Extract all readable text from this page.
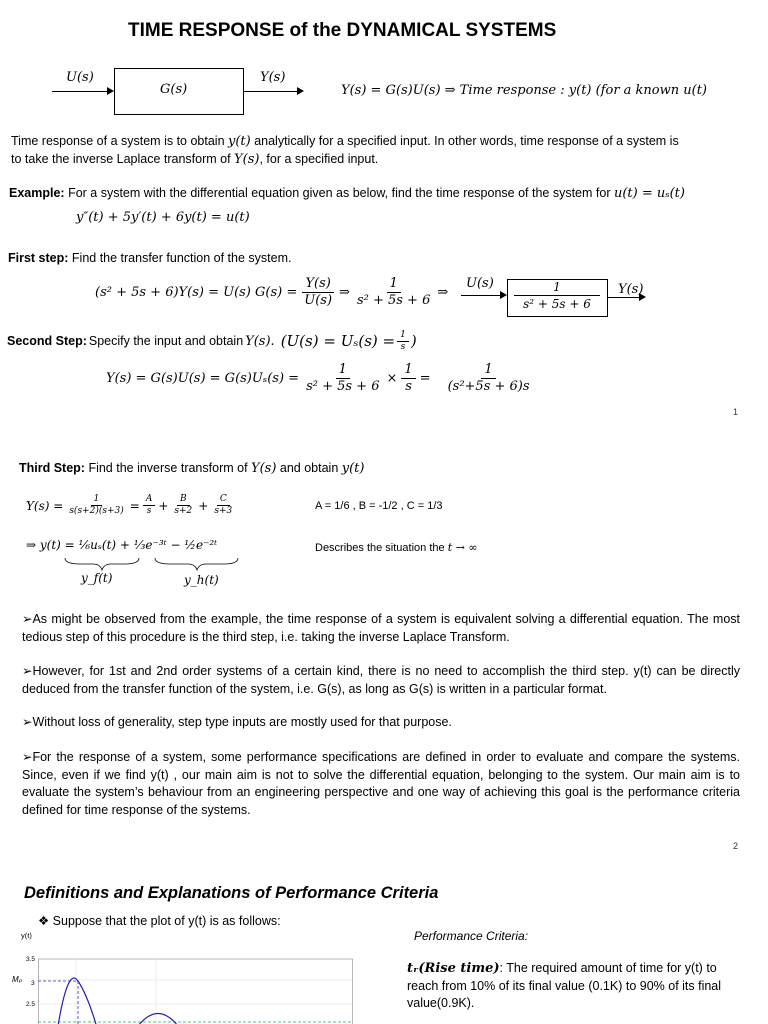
TIME RESPONSE of the DYNAMICAL SYSTEMS
U(s)
G(s)
Y(s)
Y(s) = G(s)U(s) ⇒ Time response : y(t) (for a known u(t)
Time response of a system is to obtain y(t) analytically for a specified input. In other words, time response of a system is
to take the inverse Laplace transform of Y(s), for a specified input.
Example: For a system with the differential equation given as below, find the time response of the system for u(t) = uₛ(t)
y″(t) + 5y′(t) + 6y(t) = u(t)
First step: Find the transfer function of the system.
(s² + 5s + 6)Y(s) = U(s) $G(s) = \frac{Y(s)}{U(s)}$ ⇒ $\frac{1}{\text{s² + 5s + 6}}$ ⇒
$U(s) \frac{1}{\text{s² + 5s + 6}} Y(s)$
Second Step: Specify the input and obtain Y(s). ($U(s) = U_s(s) = \frac{1}{s}$ )
$Y(s) = G(s)U(s) = G(s)U_s(s) = \frac{1}{\text{s² + 5s + 6}} \times \frac{1}{s} = \frac{1}{\text{(s²+5s + 6)s}}$
1
Third Step: Find the inverse transform of Y(s) and obtain y(t)
$Y(s) = \frac{1}{s(s+2)(s+3)} = \frac{A}{s} + \frac{B}{s+2} + \frac{C}{s+3}$	A = 1/6 , B = -1/2 , C = 1/3
⇒ y(t) = ⅙uₛ(t) + ⅓e⁻³ᵗ − ½e⁻²ᵗ
y_f(t)	y_h(t)
Describes the situation the t → ∞
➢As might be observed from the example, the time response of a system is equivalent solving a differential equation. The most tedious step of this procedure is the third step, i.e. taking the inverse Laplace Transform.
➢However, for 1st and 2nd order systems of a certain kind, there is no need to accomplish the third step. y(t) can be directly deduced from the transfer function of the system, i.e. G(s), as long as G(s) is written in a particular format.
➢Without loss of generality, step type inputs are mostly used for that purpose.
➢For the response of a system, some performance specifications are defined in order to evaluate and compare the systems. Since, even if we find y(t) , our main aim is not to solve the differential equation, belonging to the system. Our main aim is to evaluate the system’s behaviour from an engineering perspective and one way of achieving this goal is the performance criteria defined for time response of the systems.
2
Definitions and Explanations of Performance Criteria
❖ Suppose that the plot of y(t) is as follows:
y(t)
Mₚ
3.5
3
2.5
Performance Criteria:
tᵣ(Rise time): The required amount of time for y(t) to reach from 10% of its final value (0.1K) to 90% of its final value(0.9K).
